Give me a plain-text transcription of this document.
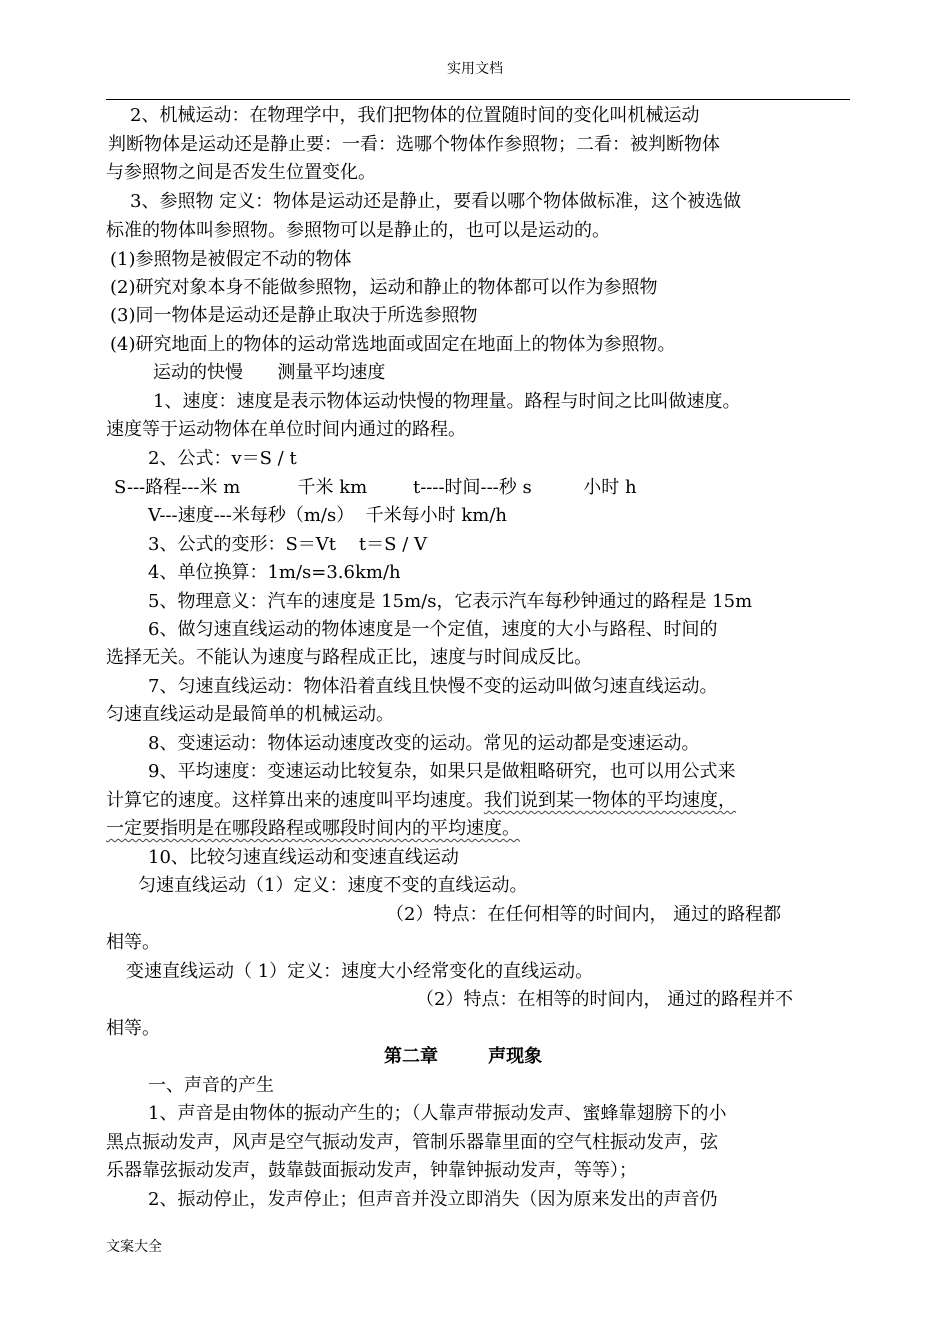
实用文档
2、机械运动：在物理学中，我们把物体的位置随时间的变化叫机械运动
判断物体是运动还是静止要：一看：选哪个物体作参照物；二看：被判断物体
与参照物之间是否发生位置变化。
3、参照物 定义：物体是运动还是静止，要看以哪个物体做标准，这个被选做
标准的物体叫参照物。参照物可以是静止的，也可以是运动的。
(1)参照物是被假定不动的物体
(2)研究对象本身不能做参照物，运动和静止的物体都可以作为参照物
(3)同一物体是运动还是静止取决于所选参照物
(4)研究地面上的物体的运动常选地面或固定在地面上的物体为参照物。
运动的快慢      测量平均速度
1、速度：速度是表示物体运动快慢的物理量。路程与时间之比叫做速度。
速度等于运动物体在单位时间内通过的路程。
2、公式：v＝S / t
S---路程---米 m          千米 km        t----时间---秒 s         小时 h
V---速度---米每秒（m/s）  千米每小时 km/h
3、公式的变形：S＝Vt    t＝S / V
4、单位换算：1m/s=3.6km/h
5、物理意义：汽车的速度是 15m/s，它表示汽车每秒钟通过的路程是 15m
6、做匀速直线运动的物体速度是一个定值，速度的大小与路程、时间的
选择无关。不能认为速度与路程成正比，速度与时间成反比。
7、匀速直线运动：物体沿着直线且快慢不变的运动叫做匀速直线运动。
匀速直线运动是最简单的机械运动。
8、变速运动：物体运动速度改变的运动。常见的运动都是变速运动。
9、平均速度：变速运动比较复杂，如果只是做粗略研究，也可以用公式来
计算它的速度。这样算出来的速度叫平均速度。我们说到某一物体的平均速度，
一定要指明是在哪段路程或哪段时间内的平均速度。
10、比较匀速直线运动和变速直线运动
匀速直线运动（1）定义：速度不变的直线运动。
（2）特点：在任何相等的时间内， 通过的路程都
相等。
变速直线运动（ 1）定义：速度大小经常变化的直线运动。
（2）特点：在相等的时间内， 通过的路程并不
相等。
第二章        声现象
一、声音的产生
1、声音是由物体的振动产生的；（人靠声带振动发声、蜜蜂靠翅膀下的小
黑点振动发声，风声是空气振动发声，管制乐器靠里面的空气柱振动发声，弦
乐器靠弦振动发声，鼓靠鼓面振动发声，钟靠钟振动发声，等等）；
2、振动停止，发声停止；但声音并没立即消失（因为原来发出的声音仍
文案大全
